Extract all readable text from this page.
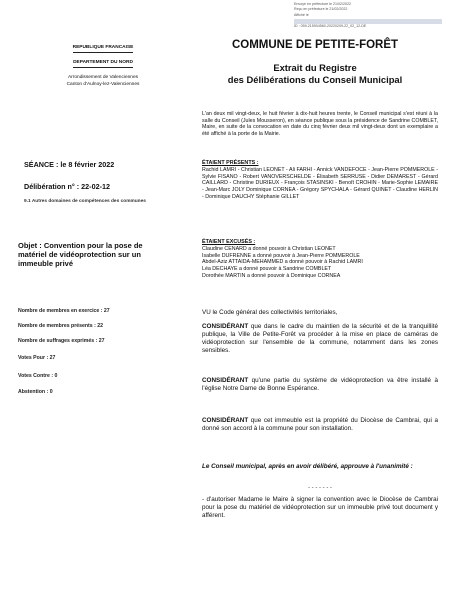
Envoyé en préfecture le 21/02/2022
Reçu en préfecture le 21/02/2022
Affiché le
ID : 059-215904560-20220209-22_02_12-DE
REPUBLIQUE FRANCAISE
DEPARTEMENT DU NORD
Arrondissement de Valenciennes
Canton d'Aulnoy-lez-Valenciennes
COMMUNE DE PETITE-FORÊT
Extrait du Registre
des Délibérations du Conseil Municipal
L'an deux mil vingt-deux, le huit février à dix-huit heures trente, le Conseil municipal s'est réuni à la salle du Conseil (Jules Mousseron), en séance publique sous la présidence de Sandrine COMBLET, Maire, en suite de la convocation en date du cinq février deux mil vingt-deux dont un exemplaire a été affiché à la porte de la Mairie.
SÉANCE : le 8 février 2022
Délibération n° : 22-02-12
9.1 Autres domaines de compétences des communes
Objet : Convention pour la pose de matériel de vidéoprotection sur un immeuble privé
Nombre de membres en exercice : 27
Nombre de membres présents : 22
Nombre de suffrages exprimés : 27
Votes Pour : 27
Votes Contre : 0
Abstention : 0
ÉTAIENT PRÉSENTS :
Rachid LAMRI - Christian LEONET - Ali FARHI - Annick VANDEFOCE - Jean-Pierre POMMEROLE - Sylvie FISANO - Robert VANOVERSCHELDE - Élisabeth SERRUSE - Didier DEMAREST - Gérard CAILLARD - Christine DURIEUX - François STASINSKI - Benoît CROHIN - Marie-Sophie LEMAIRE - Jean-Marc JOLY Dominique CORNEA - Grégory SPYCHALA - Gérard QUINET - Claudine HERLIN - Dominique DAUCHY Stéphanie GILLET
ÉTAIENT EXCUSÉS :
Claudine CENARD a donné pouvoir à Christian LEONET
Isabelle DUFRENNE a donné pouvoir à Jean-Pierre POMMEROLE
Abdel-Aziz ATTAIDA-MEHAMMED a donné pouvoir à Rachid LAMRI
Léa DECHAYE a donné pouvoir à Sandrine COMBLET
Dorothée MARTIN a donné pouvoir à Dominique CORNEA
VU le Code général des collectivités territoriales,
CONSIDÉRANT que dans le cadre du maintien de la sécurité et de la tranquillité publique, la Ville de Petite-Forêt va procéder à la mise en place de caméras de vidéoprotection sur l'ensemble de la commune, notamment dans les zones sensibles.
CONSIDÉRANT qu'une partie du système de vidéoprotection va être installé à l'église Notre Dame de Bonne Espérance.
CONSIDÉRANT que cet immeuble est la propriété du Diocèse de Cambrai, qui a donné son accord à la commune pour son installation.
Le Conseil municipal, après en avoir délibéré, approuve à l'unanimité :
- - - - - - -
- d'autoriser Madame le Maire à signer la convention avec le Diocèse de Cambrai pour la pose du matériel de vidéoprotection sur un immeuble privé tout document y afférent.
